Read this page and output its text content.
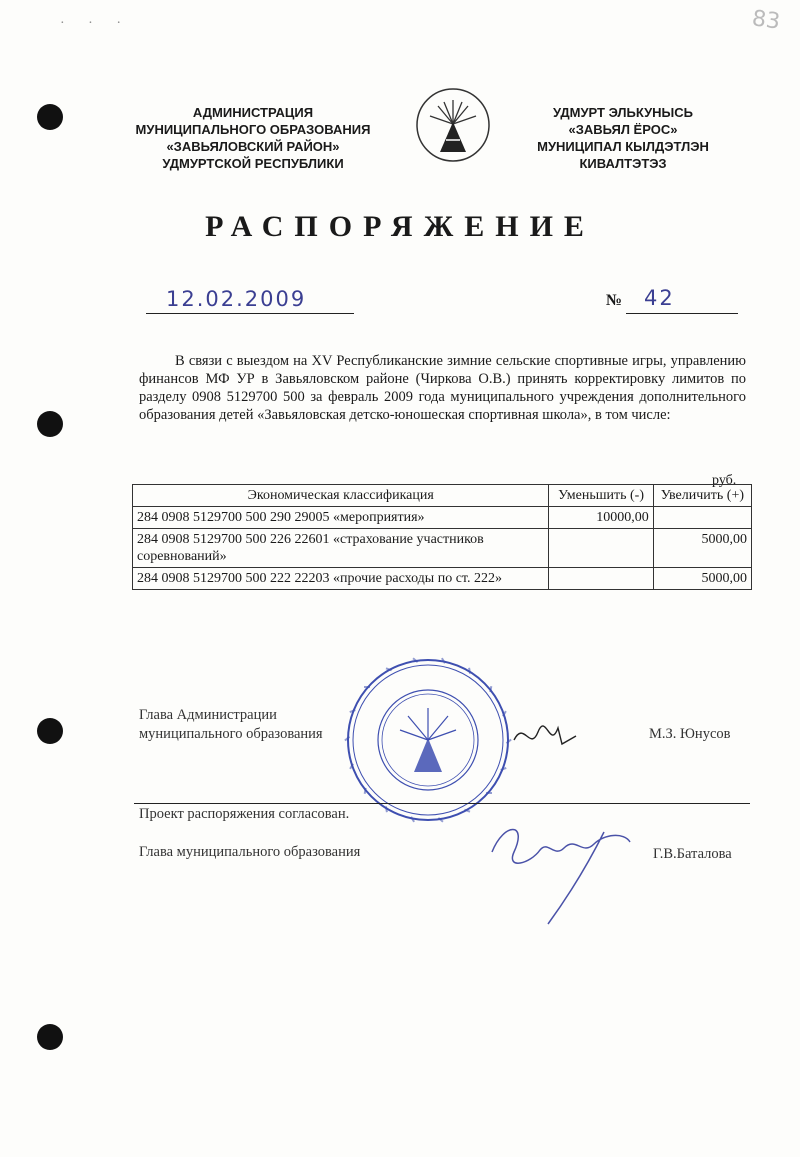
· · ·	83
АДМИНИСТРАЦИЯ
МУНИЦИПАЛЬНОГО ОБРАЗОВАНИЯ
«ЗАВЬЯЛОВСКИЙ РАЙОН»
УДМУРТСКОЙ РЕСПУБЛИКИ
УДМУРТ ЭЛЬКУНЫСЬ
«ЗАВЬЯЛ ЁРОС»
МУНИЦИПАЛ КЫЛДЭТЛЭН
КИВАЛТЭТЭЗ
РАСПОРЯЖЕНИЕ
12.02.2009	№ 42

В связи с выездом на XV Республиканские зимние сельские спортивные игры, управлению финансов МФ УР в Завьяловском районе (Чиркова О.В.) принять корректировку лимитов по разделу 0908 5129700 500 за февраль 2009 года муниципального учреждения дополнительного образования детей «Завьяловская детско-юношеская спортивная школа», в том числе:

руб.
Экономическая классификация	Уменьшить (-)	Увеличить (+)
284 0908 5129700 500 290 29005 «мероприятия»	10000,00	
284 0908 5129700 500 226 22601 «страхование участников соревнований»		5000,00
284 0908 5129700 500 222 22203 «прочие расходы по ст. 222»		5000,00
Глава Администрации
муниципального образования	М.З. Юнусов
Проект распоряжения согласован.
Глава муниципального образования	Г.В.Баталова
